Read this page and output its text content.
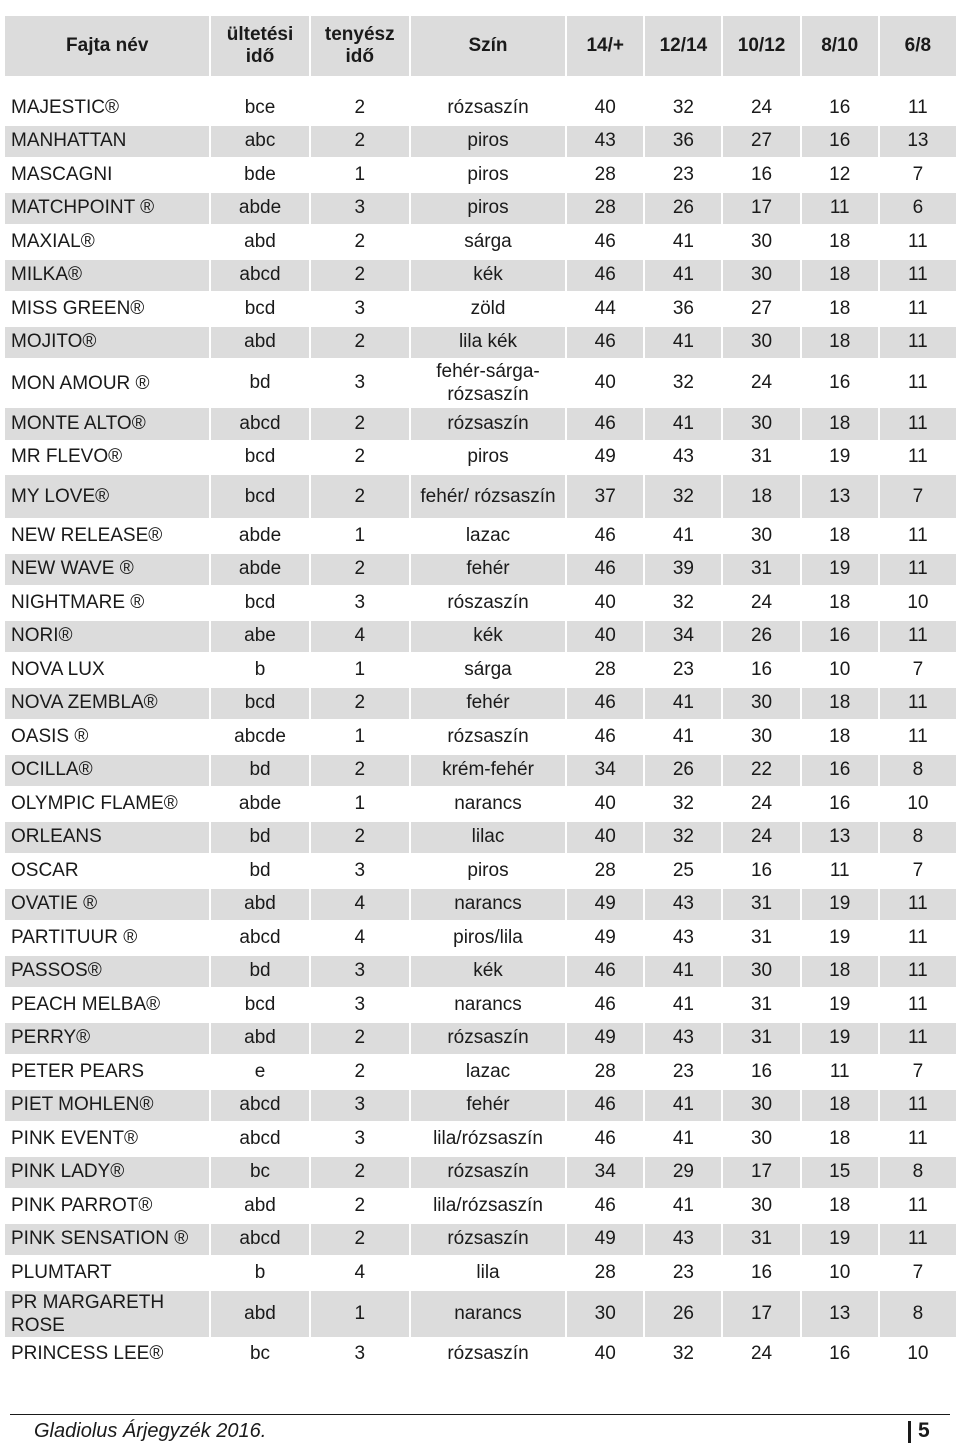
Fajta név	ültetési idő	tenyész idő	Szín	14/+	12/14	10/12	8/10	6/8

MAJESTIC®	bce	2	rózsaszín	40	32	24	16	11
MANHATTAN	abc	2	piros	43	36	27	16	13
MASCAGNI	bde	1	piros	28	23	16	12	7
MATCHPOINT ®	abde	3	piros	28	26	17	11	6
MAXIAL®	abd	2	sárga	46	41	30	18	11
MILKA®	abcd	2	kék	46	41	30	18	11
MISS GREEN®	bcd	3	zöld	44	36	27	18	11
MOJITO®	abd	2	lila kék	46	41	30	18	11
MON AMOUR ®	bd	3	fehér-sárga-rózsaszín	40	32	24	16	11
MONTE ALTO®	abcd	2	rózsaszín	46	41	30	18	11
MR FLEVO®	bcd	2	piros	49	43	31	19	11
MY LOVE®	bcd	2	fehér/ rózsaszín	37	32	18	13	7
NEW RELEASE®	abde	1	lazac	46	41	30	18	11
NEW WAVE ®	abde	2	fehér	46	39	31	19	11
NIGHTMARE ®	bcd	3	rószaszín	40	32	24	18	10
NORI®	abe	4	kék	40	34	26	16	11
NOVA LUX	b	1	sárga	28	23	16	10	7
NOVA ZEMBLA®	bcd	2	fehér	46	41	30	18	11
OASIS ®	abcde	1	rózsaszín	46	41	30	18	11
OCILLA®	bd	2	krém-fehér	34	26	22	16	8
OLYMPIC FLAME®	abde	1	narancs	40	32	24	16	10
ORLEANS	bd	2	lilac	40	32	24	13	8
OSCAR	bd	3	piros	28	25	16	11	7
OVATIE ®	abd	4	narancs	49	43	31	19	11
PARTITUUR ®	abcd	4	piros/lila	49	43	31	19	11
PASSOS®	bd	3	kék	46	41	30	18	11
PEACH MELBA®	bcd	3	narancs	46	41	31	19	11
PERRY®	abd	2	rózsaszín	49	43	31	19	11
PETER PEARS	e	2	lazac	28	23	16	11	7
PIET MOHLEN®	abcd	3	fehér	46	41	30	18	11
PINK EVENT®	abcd	3	lila/rózsaszín	46	41	30	18	11
PINK LADY®	bc	2	rózsaszín	34	29	17	15	8
PINK PARROT®	abd	2	lila/rózsaszín	46	41	30	18	11
PINK SENSATION ®	abcd	2	rózsaszín	49	43	31	19	11
PLUMTART	b	4	lila	28	23	16	10	7
PR MARGARETH ROSE	abd	1	narancs	30	26	17	13	8
PRINCESS LEE®	bc	3	rózsaszín	40	32	24	16	10
Gladiolus Árjegyzék 2016.	5
